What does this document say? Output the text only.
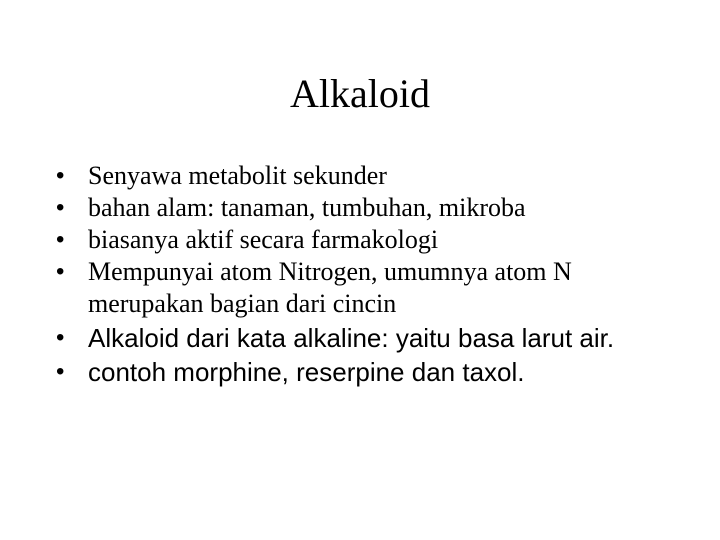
Alkaloid
• Senyawa metabolit sekunder
• bahan alam: tanaman, tumbuhan, mikroba
• biasanya aktif secara farmakologi
• Mempunyai atom Nitrogen, umumnya atom N merupakan bagian dari cincin
• Alkaloid dari kata alkaline: yaitu basa larut air.
• contoh morphine, reserpine dan taxol.
